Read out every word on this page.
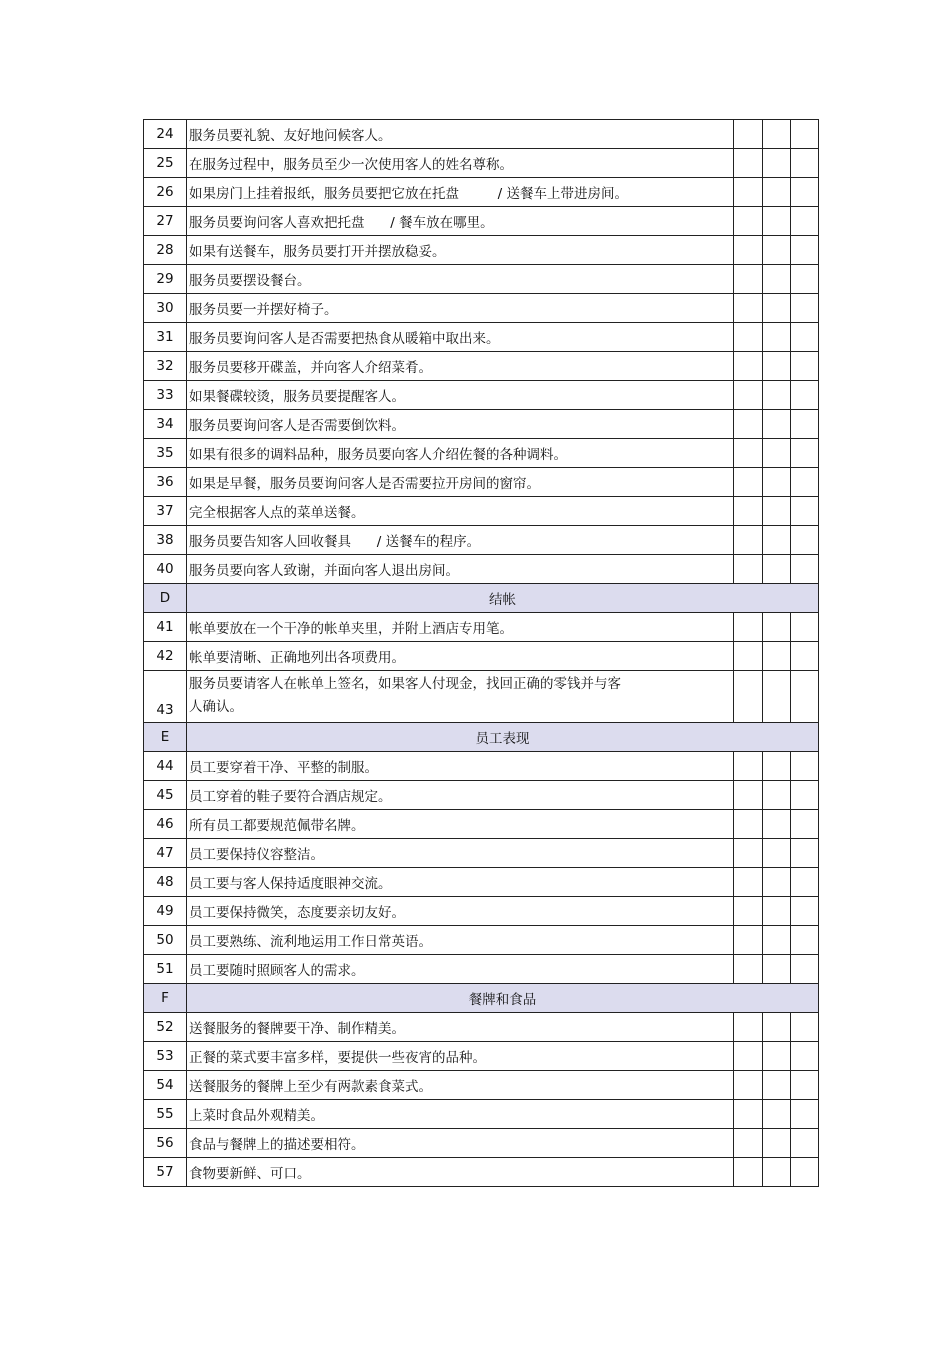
24	服务员要礼貌、友好地问候客人。			
25	在服务过程中，服务员至少一次使用客人的姓名尊称。			
26	如果房门上挂着报纸，服务员要把它放在托盘         / 送餐车上带进房间。			
27	服务员要询问客人喜欢把托盘      / 餐车放在哪里。			
28	如果有送餐车，服务员要打开并摆放稳妥。			
29	服务员要摆设餐台。			
30	服务员要一并摆好椅子。			
31	服务员要询问客人是否需要把热食从暖箱中取出来。			
32	服务员要移开碟盖，并向客人介绍菜肴。			
33	如果餐碟较烫，服务员要提醒客人。			
34	服务员要询问客人是否需要倒饮料。			
35	如果有很多的调料品种，服务员要向客人介绍佐餐的各种调料。			
36	如果是早餐，服务员要询问客人是否需要拉开房间的窗帘。			
37	完全根据客人点的菜单送餐。			
38	服务员要告知客人回收餐具      / 送餐车的程序。			
40	服务员要向客人致谢，并面向客人退出房间。			
D	结帐			
41	帐单要放在一个干净的帐单夹里，并附上酒店专用笔。			
42	帐单要清晰、正确地列出各项费用。			
43	服务员要请客人在帐单上签名，如果客人付现金，找回正确的零钱并与客
人确认。			
E	员工表现			
44	员工要穿着干净、平整的制服。			
45	员工穿着的鞋子要符合酒店规定。			
46	所有员工都要规范佩带名牌。			
47	员工要保持仪容整洁。			
48	员工要与客人保持适度眼神交流。			
49	员工要保持微笑，态度要亲切友好。			
50	员工要熟练、流利地运用工作日常英语。			
51	员工要随时照顾客人的需求。			
F	餐牌和食品			
52	送餐服务的餐牌要干净、制作精美。			
53	正餐的菜式要丰富多样，要提供一些夜宵的品种。			
54	送餐服务的餐牌上至少有两款素食菜式。			
55	上菜时食品外观精美。			
56	食品与餐牌上的描述要相符。			
57	食物要新鲜、可口。			
